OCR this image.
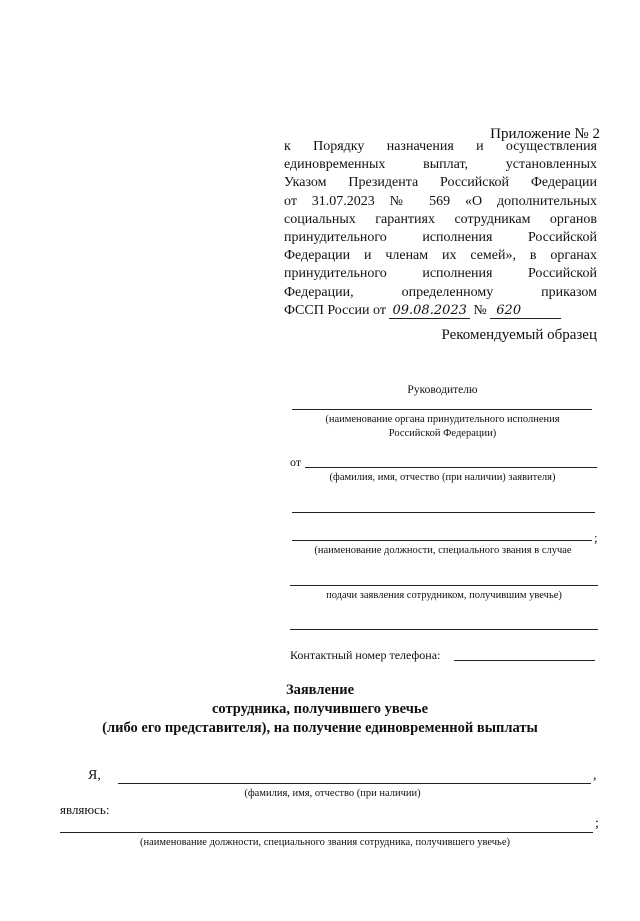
Приложение № 2
к Порядку назначения и осуществления
единовременных выплат, установленных
Указом Президента Российской Федерации
от 31.07.2023 № 569 «О дополнительных
социальных гарантиях сотрудникам органов
принудительного исполнения Российской
Федерации и членам их семей», в органах
принудительного исполнения Российской
Федерации, определенному приказом
ФССП России от 09.08.2023 № 620
Рекомендуемый образец
Руководителю
(наименование органа принудительного исполнения
Российской Федерации)
от
(фамилия, имя, отчество (при наличии) заявителя)
;
(наименование должности, специального звания в случае
подачи заявления сотрудником, получившим увечье)
Контактный номер телефона:
Заявление
сотрудника, получившего увечье
(либо его представителя), на получение единовременной выплаты
Я,	,
(фамилия, имя, отчество (при наличии)
являюсь:
;
(наименование должности, специального звания сотрудника, получившего увечье)
